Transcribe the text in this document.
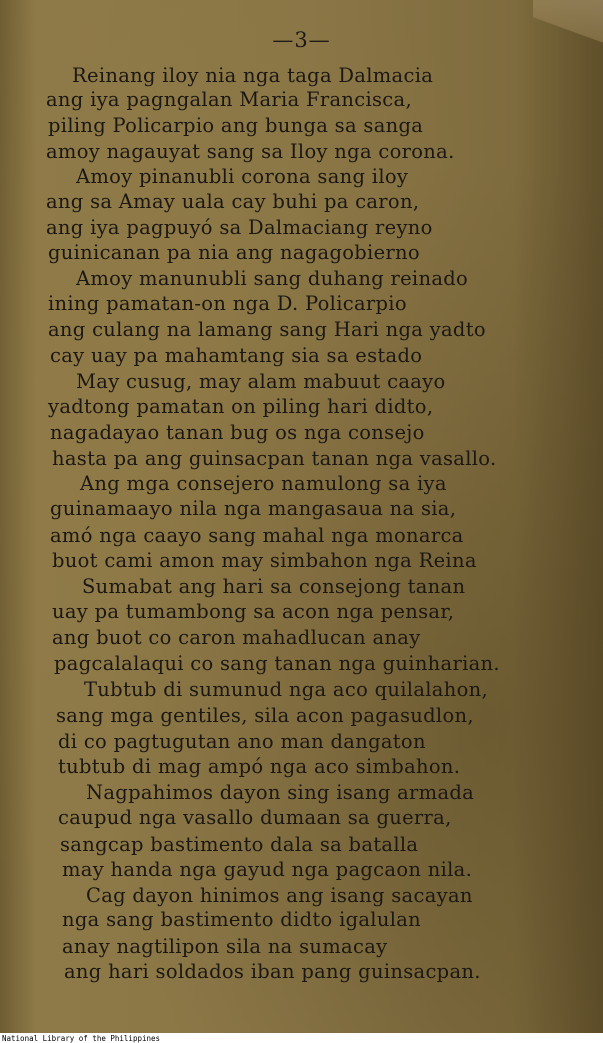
—3—
Reinang iloy nia nga taga Dalmacia
ang iya pagngalan Maria Francisca,
piling Policarpio ang bunga sa sanga
amoy nagauyat sang sa Iloy nga corona.
Amoy pinanubli corona sang iloy
ang sa Amay uala cay buhi pa caron,
ang iya pagpuyó sa Dalmaciang reyno
guinicanan pa nia ang nagagobierno
Amoy manunubli sang duhang reinado
ining pamatan-on nga D. Policarpio
ang culang na lamang sang Hari nga yadto
cay uay pa mahamtang sia sa estado
May cusug, may alam mabuut caayo
yadtong pamatan on piling hari didto,
nagadayao tanan bug os nga consejo
hasta pa ang guinsacpan tanan nga vasallo.
Ang mga consejero namulong sa iya
guinamaayo nila nga mangasaua na sia,
amó nga caayo sang mahal nga monarca
buot cami amon may simbahon nga Reina
Sumabat ang hari sa consejong tanan
uay pa tumambong sa acon nga pensar,
ang buot co caron mahadlucan anay
pagcalalaqui co sang tanan nga guinharian.
Tubtub di sumunud nga aco quilalahon,
sang mga gentiles, sila acon pagasudlon,
di co pagtugutan ano man dangaton
tubtub di mag ampó nga aco simbahon.
Nagpahimos dayon sing isang armada
caupud nga vasallo dumaan sa guerra,
sangcap bastimento dala sa batalla
may handa nga gayud nga pagcaon nila.
Cag dayon hinimos ang isang sacayan
nga sang bastimento didto igalulan
anay nagtilipon sila na sumacay
ang hari soldados iban pang guinsacpan.
National Library of the Philippines
